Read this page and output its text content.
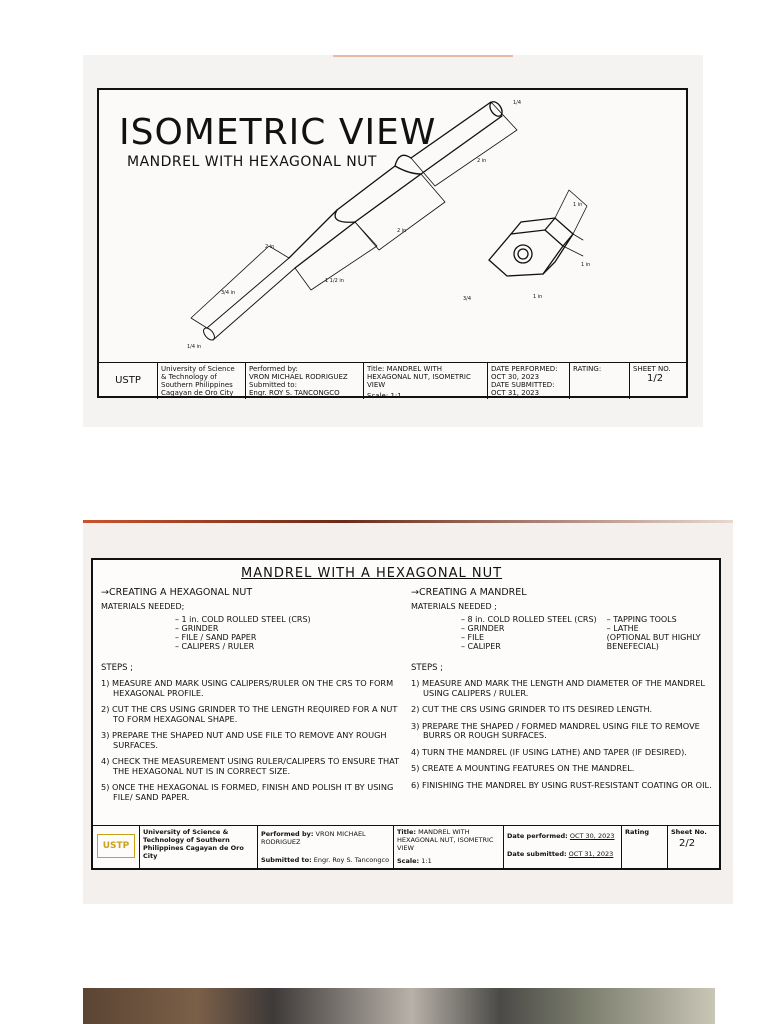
ISOMETRIC VIEW
MANDREL WITH HEXAGONAL NUT
1/4
2 in
2 in
1 1/2 in
3/4 in
1/4 in
2 in
1 in
1 in
3/4
1 in
USTP
University of Science & Technology of Southern Philippines Cagayan de Oro City
Performed by:
VRON MICHAEL RODRIGUEZ
Submitted to:
Engr. ROY S. TANCONGCO
Title: MANDREL WITH HEXAGONAL NUT, ISOMETRIC VIEW
Scale: 1:1
DATE PERFORMED:
OCT 30, 2023
DATE SUBMITTED:
OCT 31, 2023
RATING:	SHEET NO.
1/2
MANDREL WITH A HEXAGONAL NUT
→CREATING A HEXAGONAL NUT
MATERIALS NEEDED;
– 1 in. COLD ROLLED STEEL (CRS)
– GRINDER
– FILE / SAND PAPER
– CALIPERS / RULER
STEPS ;
1) MEASURE AND MARK USING CALIPERS/RULER ON THE CRS TO FORM HEXAGONAL PROFILE.
2) CUT THE CRS USING GRINDER TO THE LENGTH REQUIRED FOR A NUT TO FORM HEXAGONAL SHAPE.
3) PREPARE THE SHAPED NUT AND USE FILE TO REMOVE ANY ROUGH SURFACES.
4) CHECK THE MEASUREMENT USING RULER/CALIPERS TO ENSURE THAT THE HEXAGONAL NUT IS IN CORRECT SIZE.
5) ONCE THE HEXAGONAL IS FORMED, FINISH AND POLISH IT BY USING FILE/ SAND PAPER.
→CREATING A MANDREL
MATERIALS NEEDED ;
– 8 in. COLD ROLLED STEEL (CRS)
– GRINDER
– FILE
– CALIPER
– TAPPING TOOLS
– LATHE
(OPTIONAL BUT HIGHLY BENEFECIAL)
STEPS ;
1) MEASURE AND MARK THE LENGTH AND DIAMETER OF THE MANDREL USING CALIPERS / RULER.
2) CUT THE CRS USING GRINDER TO ITS DESIRED LENGTH.
3) PREPARE THE SHAPED / FORMED MANDREL USING FILE TO REMOVE BURRS OR ROUGH SURFACES.
4) TURN THE MANDREL (IF USING LATHE) AND TAPER (IF DESIRED).
5) CREATE A MOUNTING FEATURES ON THE MANDREL.
6) FINISHING THE MANDREL BY USING RUST-RESISTANT COATING OR OIL.
USTP
University of Science & Technology of Southern Philippines Cagayan de Oro City
Performed by: VRON MICHAEL RODRIGUEZ
Submitted to: Engr. Roy S. Tancongco
Title: MANDREL WITH HEXAGONAL NUT, ISOMETRIC VIEW
Scale: 1:1
Date performed: OCT 30, 2023
Date submitted: OCT 31, 2023
Rating	Sheet No.
2/2
